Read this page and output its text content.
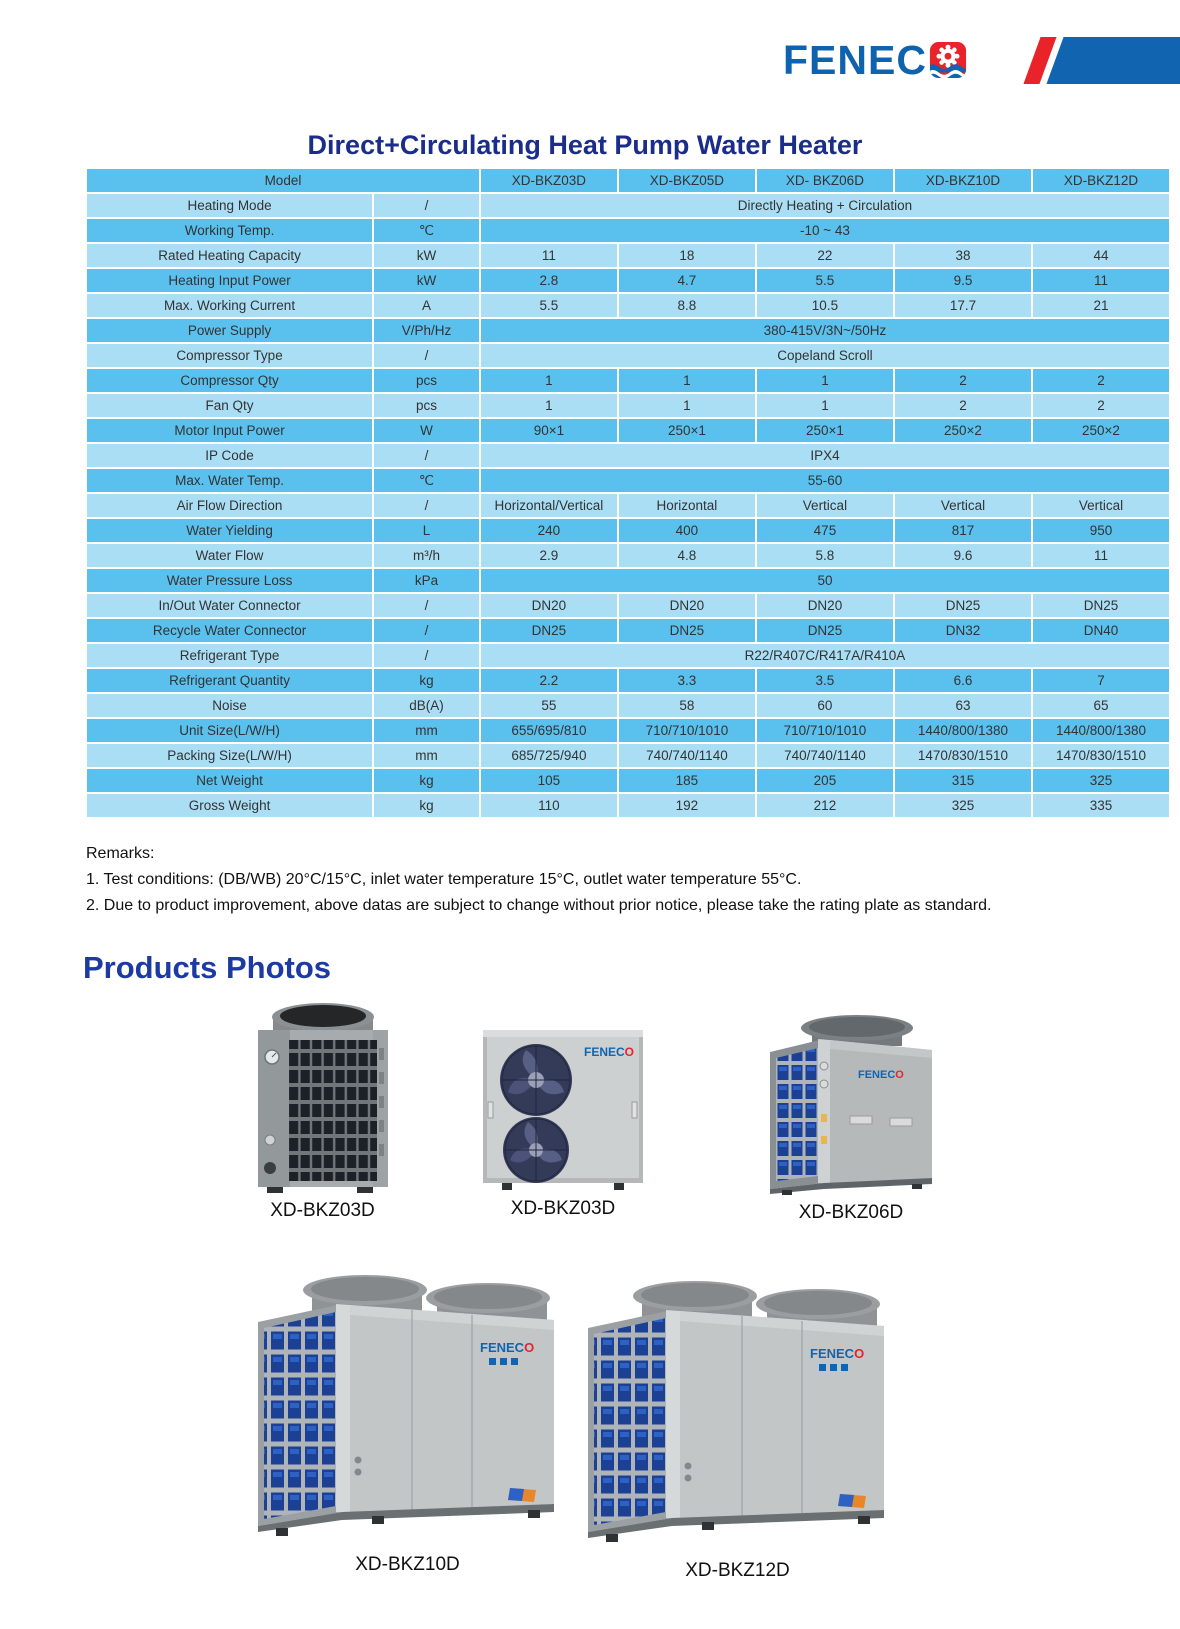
FENEC
Direct+Circulating Heat Pump Water Heater
Model		XD-BKZ03D	XD-BKZ05D	XD- BKZ06D	XD-BKZ10D	XD-BKZ12D
Heating Mode	/	Directly Heating + Circulation				
Working Temp.	℃	-10 ~ 43				
Rated Heating Capacity	kW	11	18	22	38	44
Heating Input Power	kW	2.8	4.7	5.5	9.5	11
Max. Working Current	A	5.5	8.8	10.5	17.7	21
Power Supply	V/Ph/Hz	380-415V/3N~/50Hz				
Compressor Type	/	Copeland Scroll				
Compressor Qty	pcs	1	1	1	2	2
Fan Qty	pcs	1	1	1	2	2
Motor Input Power	W	90×1	250×1	250×1	250×2	250×2
IP Code	/	IPX4				
Max. Water Temp.	℃	55-60				
Air Flow Direction	/	Horizontal/Vertical	Horizontal	Vertical	Vertical	Vertical
Water Yielding	L	240	400	475	817	950
Water Flow	m³/h	2.9	4.8	5.8	9.6	11
Water Pressure Loss	kPa	50				
In/Out Water Connector	/	DN20	DN20	DN20	DN25	DN25
Recycle Water Connector	/	DN25	DN25	DN25	DN32	DN40
Refrigerant Type	/	R22/R407C/R417A/R410A				
Refrigerant Quantity	kg	2.2	3.3	3.5	6.6	7
Noise	dB(A)	55	58	60	63	65
Unit Size(L/W/H)	mm	655/695/810	710/710/1010	710/710/1010	1440/800/1380	1440/800/1380
Packing Size(L/W/H)	mm	685/725/940	740/740/1140	740/740/1140	1470/830/1510	1470/830/1510
Net Weight	kg	105	185	205	315	325
Gross Weight	kg	110	192	212	325	335
Remarks:
1. Test conditions: (DB/WB) 20°C/15°C, inlet water temperature 15°C, outlet water temperature 55°C.
2. Due to product improvement, above datas are subject to change without prior notice, please take the rating plate as standard.
Products Photos
XD-BKZ03D
FENECO
XD-BKZ03D
FENECO
XD-BKZ06D
FENECO
XD-BKZ10D
FENECO
XD-BKZ12D
